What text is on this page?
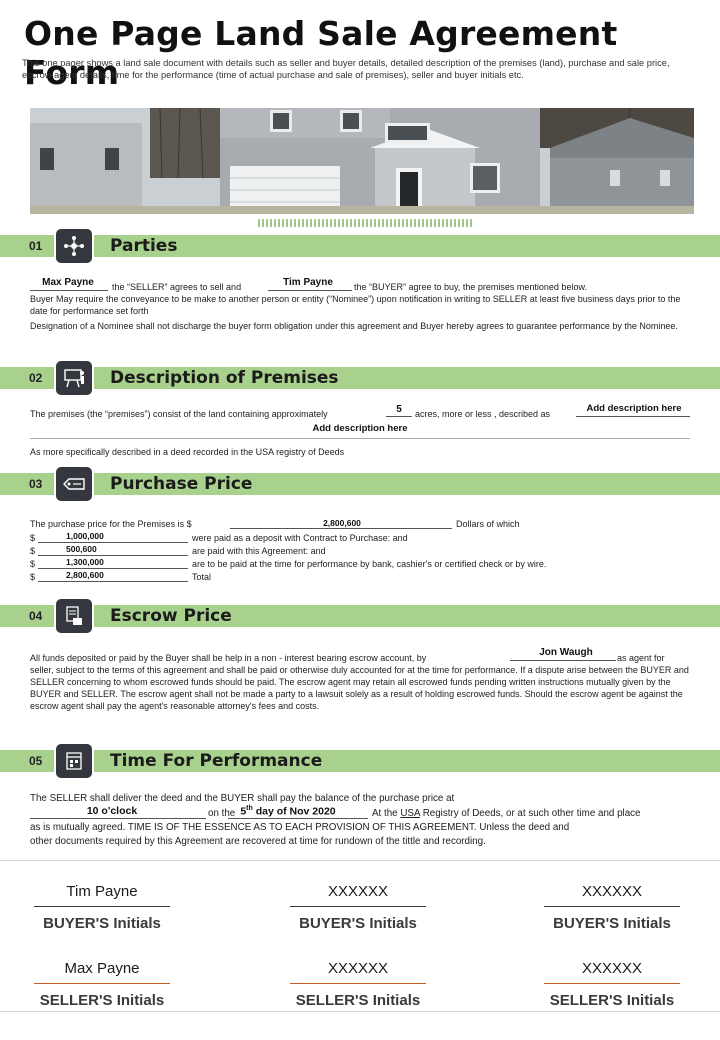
One Page Land Sale Agreement Form
This one pager shows a land sale document with details such as seller and buyer details, detailed description of the premises (land), purchase and sale price, escrow agent details, time for the performance (time of actual purchase and sale of premises), seller and buyer initials etc.
01	Parties
Max Payne	the “SELLER” agrees to sell and	Tim Payne	the “BUYER” agree to buy, the premises mentioned below.
Buyer May require the conveyance to be make to another person or entity (“Nominee”) upon notification in writing to SELLER at least five business days prior to the date for performance set forth
Designation of a Nominee shall not discharge the buyer form obligation under this agreement and Buyer hereby agrees to guarantee performance by the Nominee.
02	Description of Premises
The premises (the “premises”) consist of the land containing approximately	5	acres, more or less , described as	Add description here
Add description here
As more specifically described in a deed recorded in the USA registry of Deeds
03	Purchase Price
The purchase price for the Premises is $	2,800,600	Dollars of which
$	1,000,000	were paid as a deposit with Contract to Purchase: and
$	500,600	are paid with this Agreement: and
$	1,300,000	are to be paid at the time for performance by bank, cashier's or certified check or by wire.
$	2,800,600	Total
04	Escrow Price
All funds deposited or paid by the Buyer shall be help in a non - interest bearing escrow account, by	Jon Waugh	as agent for
seller, subject to the terms of this agreement and shall be paid or otherwise duly accounted for at the time for performance. If a dispute arise between the BUYER and SELLER concerning to whom escrowed funds should be paid. The escrow agent may retain all escrowed funds pending written instructions mutually given by the BUYER and SELLER. The escrow agent shall not be made a party to a lawsuit solely as a result of holding escrowed funds. Should the escrow agent be against the escrow agent shall pay the agent's reasonable attorney's fees and costs.
05	Time For Performance
The SELLER shall deliver the deed and the BUYER shall pay the balance of the purchase price at
10 o'clock	on the 5th day of Nov 2020	At the USA Registry of Deeds, or at such other time and place
as is mutually agreed. TIME IS OF THE ESSENCE AS TO EACH PROVISION OF THIS AGREEMENT. Unless the deed and
other documents required by this Agreement are recovered at time for rundown of the tittle and recording.
Tim Payne
BUYER'S Initials
XXXXXX
BUYER'S Initials
XXXXXX
BUYER'S Initials
Max Payne
SELLER'S Initials
XXXXXX
SELLER'S Initials
XXXXXX
SELLER'S Initials
